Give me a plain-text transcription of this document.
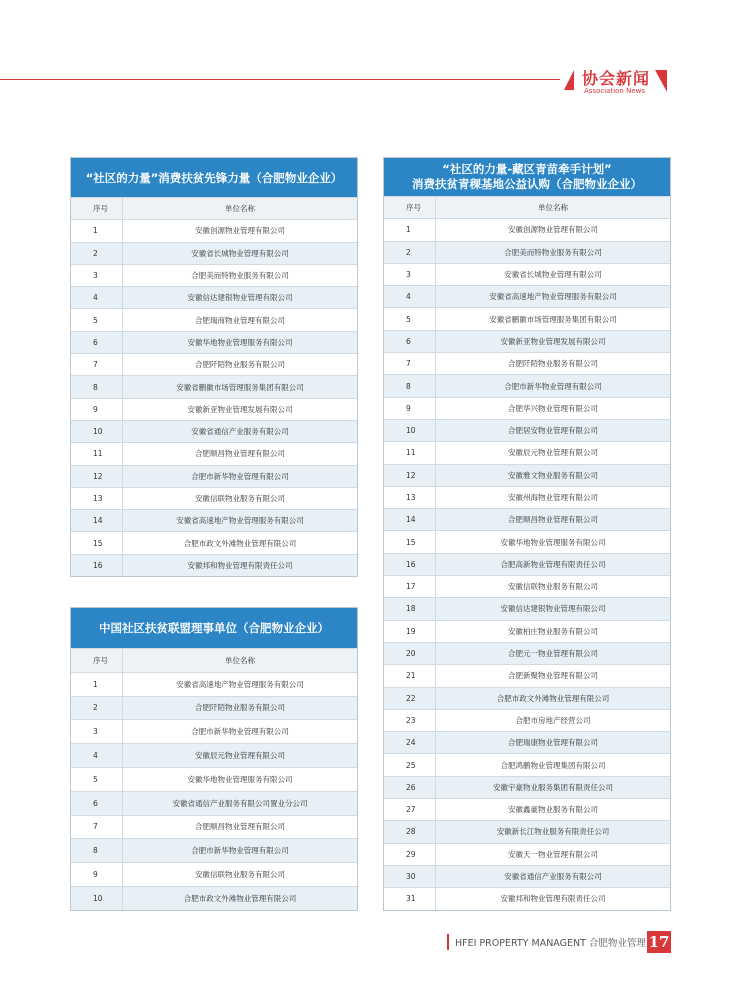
协会新闻
Association News
“社区的力量”消费扶贫先锋力量（合肥物业企业）
序号	单位名称
1	安徽创源物业管理有限公司
2	安徽省长城物业管理有限公司
3	合肥美而特物业服务有限公司
4	安徽信达建银物业管理有限公司
5	合肥瑞商物业管理有限公司
6	安徽华地物业管理服务有限公司
7	合肥阡陌物业服务有限公司
8	安徽省鹏徽市场管理服务集团有限公司
9	安徽新亚物业管理发展有限公司
10	安徽省通信产业服务有限公司
11	合肥顺昌物业管理有限公司
12	合肥市新华物业管理有限公司
13	安徽信联物业服务有限公司
14	安徽省高速地产物业管理服务有限公司
15	合肥市政文外滩物业管理有限公司
16	安徽邦和物业管理有限责任公司
中国社区扶贫联盟理事单位（合肥物业企业）
序号	单位名称
1	安徽省高速地产物业管理服务有限公司
2	合肥阡陌物业服务有限公司
3	合肥市新华物业管理有限公司
4	安徽辰元物业管理有限公司
5	安徽华地物业管理服务有限公司
6	安徽省通信产业服务有限公司置业分公司
7	合肥顺昌物业管理有限公司
8	合肥市新华物业管理有限公司
9	安徽信联物业服务有限公司
10	合肥市政文外滩物业管理有限公司
“社区的力量-藏区青苗牵手计划”
消费扶贫青稞基地公益认购（合肥物业企业）
序号	单位名称
1	安徽创源物业管理有限公司
2	合肥美而特物业服务有限公司
3	安徽省长城物业管理有限公司
4	安徽省高速地产物业管理服务有限公司
5	安徽省鹏徽市场管理服务集团有限公司
6	安徽新亚物业管理发展有限公司
7	合肥阡陌物业服务有限公司
8	合肥市新华物业管理有限公司
9	合肥华兴物业管理有限公司
10	合肥居安物业管理有限公司
11	安徽辰元物业管理有限公司
12	安徽雅文物业服务有限公司
13	安徽州海物业管理有限公司
14	合肥顺昌物业管理有限公司
15	安徽华地物业管理服务有限公司
16	合肥高新物业管理有限责任公司
17	安徽信联物业服务有限公司
18	安徽信达建银物业管理有限公司
19	安徽柏庄物业服务有限公司
20	合肥元一物业管理有限公司
21	合肥新聚物业管理有限公司
22	合肥市政文外滩物业管理有限公司
23	合肥市房地产经营公司
24	合肥瑞康物业管理有限公司
25	合肥鸿鹏物业管理集团有限公司
26	安徽宇豪物业服务集团有限责任公司
27	安徽鑫豪物业服务有限公司
28	安徽新长江物业服务有限责任公司
29	安徽天一物业管理有限公司
30	安徽省通信产业服务有限公司
31	安徽邦和物业管理有限责任公司
HFEI PROPERTY MANAGENT 合肥物业管理 17
